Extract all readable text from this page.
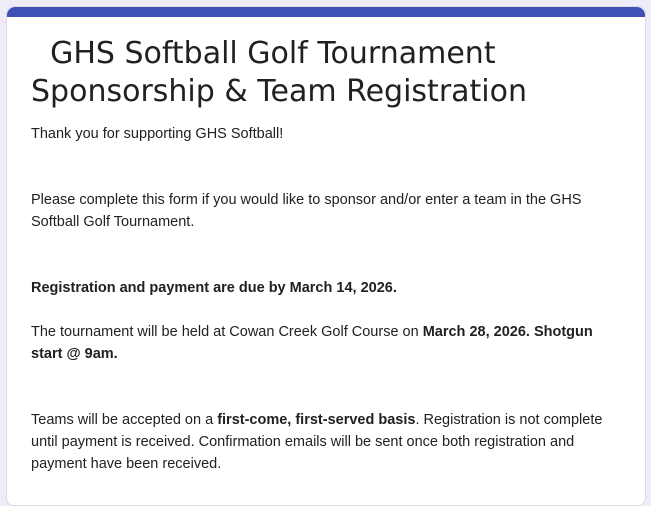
GHS Softball Golf Tournament
Sponsorship & Team Registration

Thank you for supporting GHS Softball!

Please complete this form if you would like to sponsor and/or enter a team in the GHS Softball Golf Tournament.

Registration and payment are due by March 14, 2026.

The tournament will be held at Cowan Creek Golf Course on March 28, 2026. Shotgun start @ 9am.

Teams will be accepted on a first-come, first-served basis. Registration is not complete until payment is received. Confirmation emails will be sent once both registration and payment have been received.
